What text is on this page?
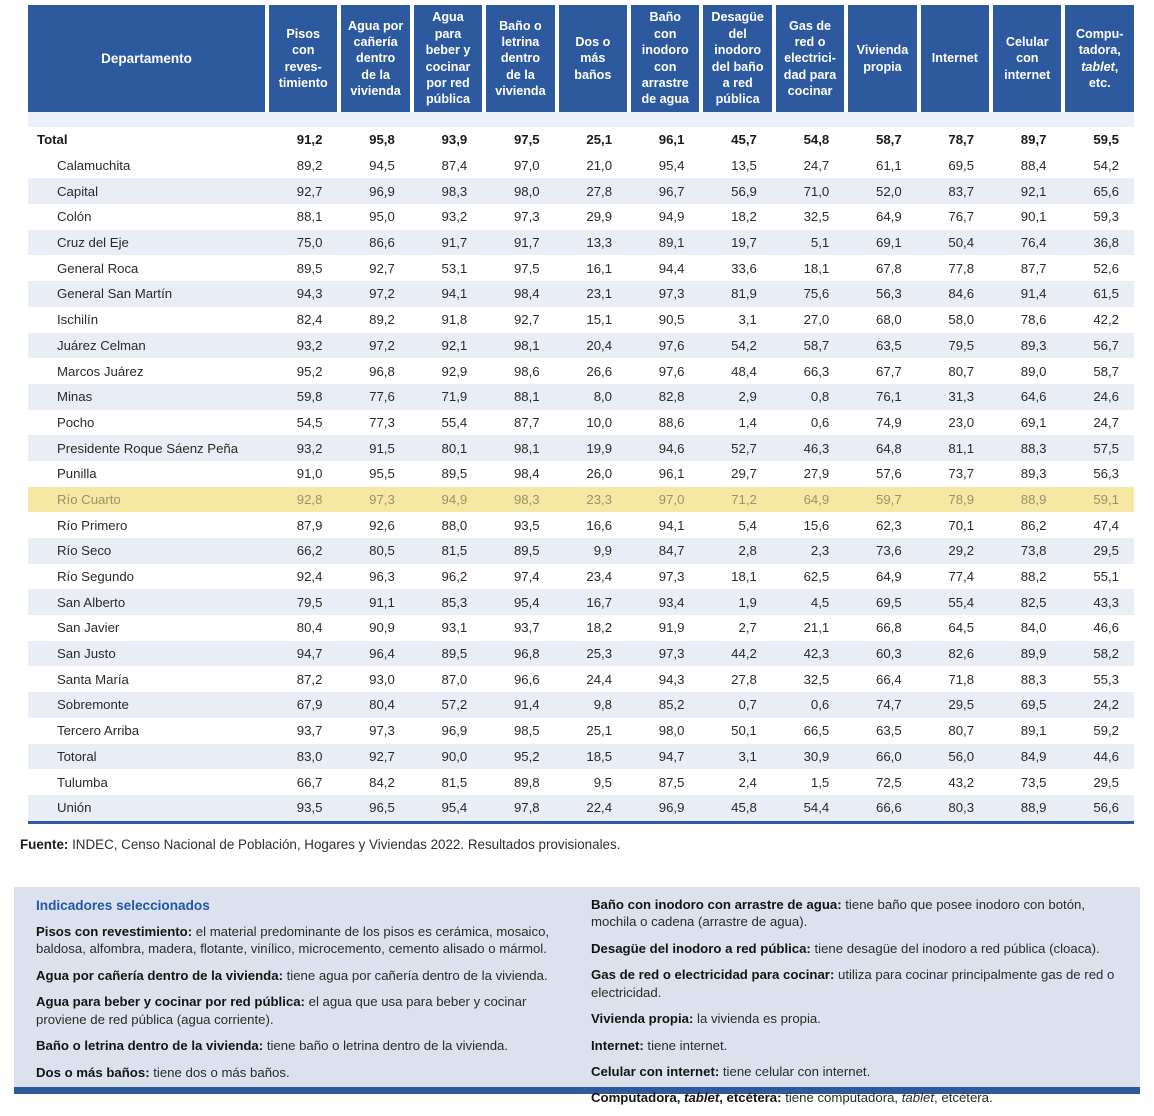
Departamento	Pisos
con
reves-
timiento	Agua por
cañería
dentro
de la
vivienda	Agua
para
beber y
cocinar
por red
pública	Baño o
letrina
dentro
de la
vivienda	Dos o
más
baños	Baño
con
inodoro
con
arrastre
de agua	Desagüe
del
inodoro
del baño
a red
pública	Gas de
red o
electrici-
dad para
cocinar	Vivienda
propia	Internet	Celular
con
internet	Compu-
tadora,
tablet,
etc.

Total	91,2	95,8	93,9	97,5	25,1	96,1	45,7	54,8	58,7	78,7	89,7	59,5
Calamuchita	89,2	94,5	87,4	97,0	21,0	95,4	13,5	24,7	61,1	69,5	88,4	54,2
Capital	92,7	96,9	98,3	98,0	27,8	96,7	56,9	71,0	52,0	83,7	92,1	65,6
Colón	88,1	95,0	93,2	97,3	29,9	94,9	18,2	32,5	64,9	76,7	90,1	59,3
Cruz del Eje	75,0	86,6	91,7	91,7	13,3	89,1	19,7	5,1	69,1	50,4	76,4	36,8
General Roca	89,5	92,7	53,1	97,5	16,1	94,4	33,6	18,1	67,8	77,8	87,7	52,6
General San Martín	94,3	97,2	94,1	98,4	23,1	97,3	81,9	75,6	56,3	84,6	91,4	61,5
Ischilín	82,4	89,2	91,8	92,7	15,1	90,5	3,1	27,0	68,0	58,0	78,6	42,2
Juárez Celman	93,2	97,2	92,1	98,1	20,4	97,6	54,2	58,7	63,5	79,5	89,3	56,7
Marcos Juárez	95,2	96,8	92,9	98,6	26,6	97,6	48,4	66,3	67,7	80,7	89,0	58,7
Minas	59,8	77,6	71,9	88,1	8,0	82,8	2,9	0,8	76,1	31,3	64,6	24,6
Pocho	54,5	77,3	55,4	87,7	10,0	88,6	1,4	0,6	74,9	23,0	69,1	24,7
Presidente Roque Sáenz Peña	93,2	91,5	80,1	98,1	19,9	94,6	52,7	46,3	64,8	81,1	88,3	57,5
Punilla	91,0	95,5	89,5	98,4	26,0	96,1	29,7	27,9	57,6	73,7	89,3	56,3
Río Cuarto	92,8	97,3	94,9	98,3	23,3	97,0	71,2	64,9	59,7	78,9	88,9	59,1
Río Primero	87,9	92,6	88,0	93,5	16,6	94,1	5,4	15,6	62,3	70,1	86,2	47,4
Río Seco	66,2	80,5	81,5	89,5	9,9	84,7	2,8	2,3	73,6	29,2	73,8	29,5
Río Segundo	92,4	96,3	96,2	97,4	23,4	97,3	18,1	62,5	64,9	77,4	88,2	55,1
San Alberto	79,5	91,1	85,3	95,4	16,7	93,4	1,9	4,5	69,5	55,4	82,5	43,3
San Javier	80,4	90,9	93,1	93,7	18,2	91,9	2,7	21,1	66,8	64,5	84,0	46,6
San Justo	94,7	96,4	89,5	96,8	25,3	97,3	44,2	42,3	60,3	82,6	89,9	58,2
Santa María	87,2	93,0	87,0	96,6	24,4	94,3	27,8	32,5	66,4	71,8	88,3	55,3
Sobremonte	67,9	80,4	57,2	91,4	9,8	85,2	0,7	0,6	74,7	29,5	69,5	24,2
Tercero Arriba	93,7	97,3	96,9	98,5	25,1	98,0	50,1	66,5	63,5	80,7	89,1	59,2
Totoral	83,0	92,7	90,0	95,2	18,5	94,7	3,1	30,9	66,0	56,0	84,9	44,6
Tulumba	66,7	84,2	81,5	89,8	9,5	87,5	2,4	1,5	72,5	43,2	73,5	29,5
Unión	93,5	96,5	95,4	97,8	22,4	96,9	45,8	54,4	66,6	80,3	88,9	56,6
Fuente: INDEC, Censo Nacional de Población, Hogares y Viviendas 2022. Resultados provisionales.
Indicadores seleccionados

Pisos con revestimiento: el material predominante de los pisos es cerámica, mosaico, baldosa, alfombra, madera, flotante, vinílico, microcemento, cemento alisado o mármol.

Agua por cañería dentro de la vivienda: tiene agua por cañería dentro de la vivienda.

Agua para beber y cocinar por red pública: el agua que usa para beber y cocinar proviene de red pública (agua corriente).

Baño o letrina dentro de la vivienda: tiene baño o letrina dentro de la vivienda.

Dos o más baños: tiene dos o más baños.

Baño con inodoro con arrastre de agua: tiene baño que posee inodoro con botón, mochila o cadena (arrastre de agua).

Desagüe del inodoro a red pública: tiene desagüe del inodoro a red pública (cloaca).

Gas de red o electricidad para cocinar: utiliza para cocinar principalmente gas de red o electricidad.

Vivienda propia: la vivienda es propia.

Internet: tiene internet.

Celular con internet: tiene celular con internet.

Computadora, tablet, etcétera: tiene computadora, tablet, etcétera.
